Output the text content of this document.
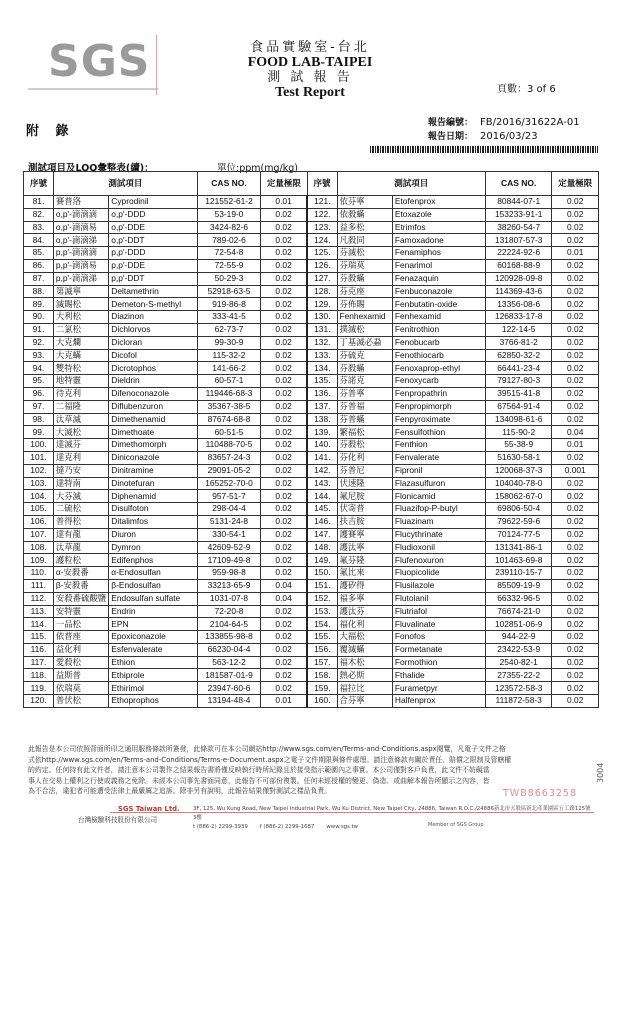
SGS	食品實驗室-台北
FOOD LAB-TAIPEI
測 試 報 告
Test Report	頁數：3 of 6
附 錄
報告編號： FB/2016/31622A-01
報告日期： 2016/03/23
測試項目及LOQ彙整表(續)：	單位:ppm(mg/kg)
序號	測試項目		CAS NO.	定量極限	序號	測試項目		CAS NO.	定量極限
81.	賽普洛	Cyprodinil	121552-61-2	0.01	121.	依芬寧	Etofenprox	80844-07-1	0.02
82.	o,p'-滴滴滴	o,p'-DDD	53-19-0	0.02	122.	依殺蟎	Etoxazole	153233-91-1	0.02
83.	o,p'-滴滴易	o,p'-DDE	3424-82-6	0.02	123.	益多松	Etrimfos	38260-54-7	0.02
84.	o,p'-滴滴涕	o,p'-DDT	789-02-6	0.02	124.	凡殺同	Famoxadone	131807-57-3	0.02
85.	p,p'-滴滴滴	p,p'-DDD	72-54-8	0.02	125.	芬滅松	Fenamiphos	22224-92-6	0.01
86.	p,p'-滴滴易	p,p'-DDE	72-55-9	0.02	126.	芬瑞莫	Fenarimol	60168-88-9	0.02
87.	p,p'-滴滴涕	p,p'-DDT	50-29-3	0.02	127.	芬殺蟎	Fenazaquin	120928-09-8	0.02
88.	第滅寧	Deltamethrin	52918-63-5	0.02	128.	芬克座	Fenbuconazole	114369-43-6	0.02
89.	滅賜松	Demeton-S-methyl	919-86-8	0.02	129.	芬佈賜	Fenbutatin-oxide	13356-08-6	0.02
90.	大利松	Diazinon	333-41-5	0.02	130.	Fenhexamid	Fenhexamid	126833-17-8	0.02
91.	二氯松	Dichlorvos	62-73-7	0.02	131.	撲滅松	Fenitrothion	122-14-5	0.02
92.	大克爛	Dicloran	99-30-9	0.02	132.	丁基滅必蝨	Fenobucarb	3766-81-2	0.02
93.	大克蟎	Dicofol	115-32-2	0.02	133.	芬硫克	Fenothiocarb	62850-32-2	0.02
94.	雙特松	Dicrotophos	141-66-2	0.02	134.	芬殺蟎	Fenoxaprop-ethyl	66441-23-4	0.02
95.	地特靈	Dieldrin	60-57-1	0.02	135.	芬諾克	Fenoxycarb	79127-80-3	0.02
96.	待克利	Difenoconazole	119446-68-3	0.02	136.	芬普寧	Fenpropathrin	39515-41-8	0.02
97.	二福隆	Diflubenzuron	35367-38-5	0.02	137.	芬普福	Fenpropimorph	67564-91-4	0.02
98.	汰草滅	Dimethenamid	87674-68-8	0.02	138.	芬普蟎	Fenpyroximate	134098-61-6	0.02
99.	大滅松	Dimethoate	60-51-5	0.02	139.	繁福松	Fensulfothion	115-90-2	0.04
100.	達滅芬	Dimethomorph	110488-70-5	0.02	140.	芬殺松	Fenthion	55-38-9	0.01
101.	達克利	Diniconazole	83657-24-3	0.02	141.	芬化利	Fenvalerate	51630-58-1	0.02
102.	撻乃安	Dinitramine	29091-05-2	0.02	142.	芬普尼	Fipronil	120068-37-3	0.001
103.	達特南	Dinotefuran	165252-70-0	0.02	143.	伏速隆	Flazasulfuron	104040-78-0	0.02
104.	大芬滅	Diphenamid	957-51-7	0.02	144.	氟尼胺	Flonicamid	158062-67-0	0.02
105.	二硫松	Disulfoton	298-04-4	0.02	145.	伏寄普	Fluazifop-P-butyl	69806-50-4	0.02
106.	普得松	Ditalimfos	5131-24-8	0.02	146.	扶吉胺	Fluazinam	79622-59-6	0.02
107.	達有龍	Diuron	330-54-1	0.02	147.	護賽寧	Flucythrinate	70124-77-5	0.02
108.	汰草龍	Dymron	42609-52-9	0.02	148.	護汰寧	Fludioxonil	131341-86-1	0.02
109.	護粒松	Edifenphos	17109-49-8	0.02	149.	氟芬隆	Flufenoxuron	101463-69-8	0.02
110.	α-安殺番	α-Endosulfan	959-98-8	0.02	150.	氟比來	Fluopicolide	239110-15-7	0.02
111.	β-安殺番	β-Endosulfan	33213-65-9	0.04	151.	護矽得	Flusilazole	85509-19-9	0.02
112.	安殺番硫酸鹽	Endosulfan sulfate	1031-07-8	0.04	152.	福多寧	Flutolanil	66332-96-5	0.02
113.	安特靈	Endrin	72-20-8	0.02	153.	護汰芬	Flutriafol	76674-21-0	0.02
114.	一品松	EPN	2104-64-5	0.02	154.	福化利	Fluvalinate	102851-06-9	0.02
115.	依普座	Epoxiconazole	133855-98-8	0.02	155.	大福松	Fonofos	944-22-9	0.02
116.	益化利	Esfenvalerate	66230-04-4	0.02	156.	覆滅蟎	Formetanate	23422-53-9	0.02
117.	愛殺松	Ethion	563-12-2	0.02	157.	福木松	Formothion	2540-82-1	0.02
118.	益斯普	Ethiprole	181587-01-9	0.02	158.	熱必斯	Fthalide	27355-22-2	0.02
119.	依瑞莫	Ethirimol	23947-60-6	0.02	159.	福拉比	Furametpyr	123572-58-3	0.02
120.	普伏松	Ethoprophos	13194-48-4	0.01	160.	合芬寧	Halfenprox	111872-58-3	0.02
此報告是本公司依照背面所印之通用服務條款所簽發，此條款可在本公司網站http://www.sgs.com/en/Terms-and-Conditions.aspx閱覽，凡電子文件之格
式依http://www.sgs.com/en/Terms-and-Conditions/Terms-e-Document.aspx之電子文件期限與條件處理。請注意條款有關於責任、賠償之限制及管轄權
的約定。任何持有此文件者，請注意本公司製作之結果報告書將僅反映執行時所紀錄且於接受指示範圍內之事實。本公司僅對客戶負責，此文件不妨礙當
事人在交易上權利之行使或義務之免除。未經本公司事先書面同意，此報告不可部份複製。任何未經授權的變更、偽造、或曲解本報告所顯示之內容，皆
為不合法，違犯者可能遭受法律上最嚴厲之追訴。除非另有說明，此報告結果僅對測試之樣品負責。	TWB8663258
3004
SGS Taiwan Ltd.
台灣檢驗科技股份有限公司
3F, 125, Wu Kung Road, New Taipei Industrial Park, Wu Ku District, New Taipei City, 24886, Taiwan R.O.C./24886新北市五股區新北產業園區五工路125號3樓
t (886-2) 2299-3939 f (886-2) 2299-1687 www.sgs.tw	Member of SGS Group
